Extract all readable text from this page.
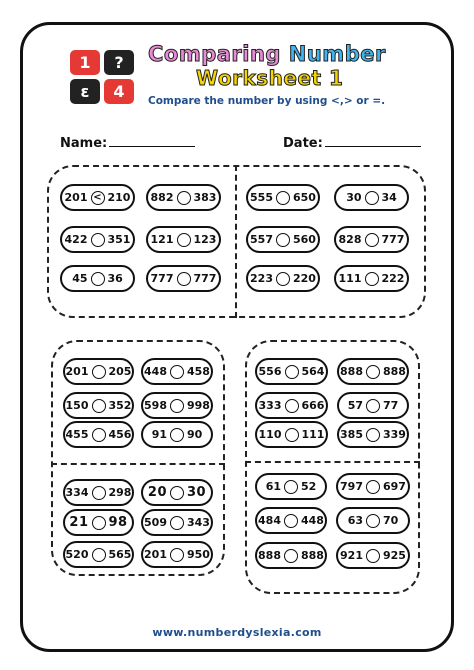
1	?
ɛ	4
Comparing Number
Worksheet 1
Compare the number by using <,> or =.
Name:	Date:
201 < 210 882 383
422 351 121 123
45 36	777 777
555 650	30 34
557 560 828 777
223 220 111 222
201 205 448 458
150 352 598 998
455 456 91 90
556 564 888 888
333 666 57 77
110 111 385 339
334 298 20 30
21 98 509 343
520 565 201 950
61 52 797 697
484 448 63 70
888 888 921 925
www.numberdyslexia.com
